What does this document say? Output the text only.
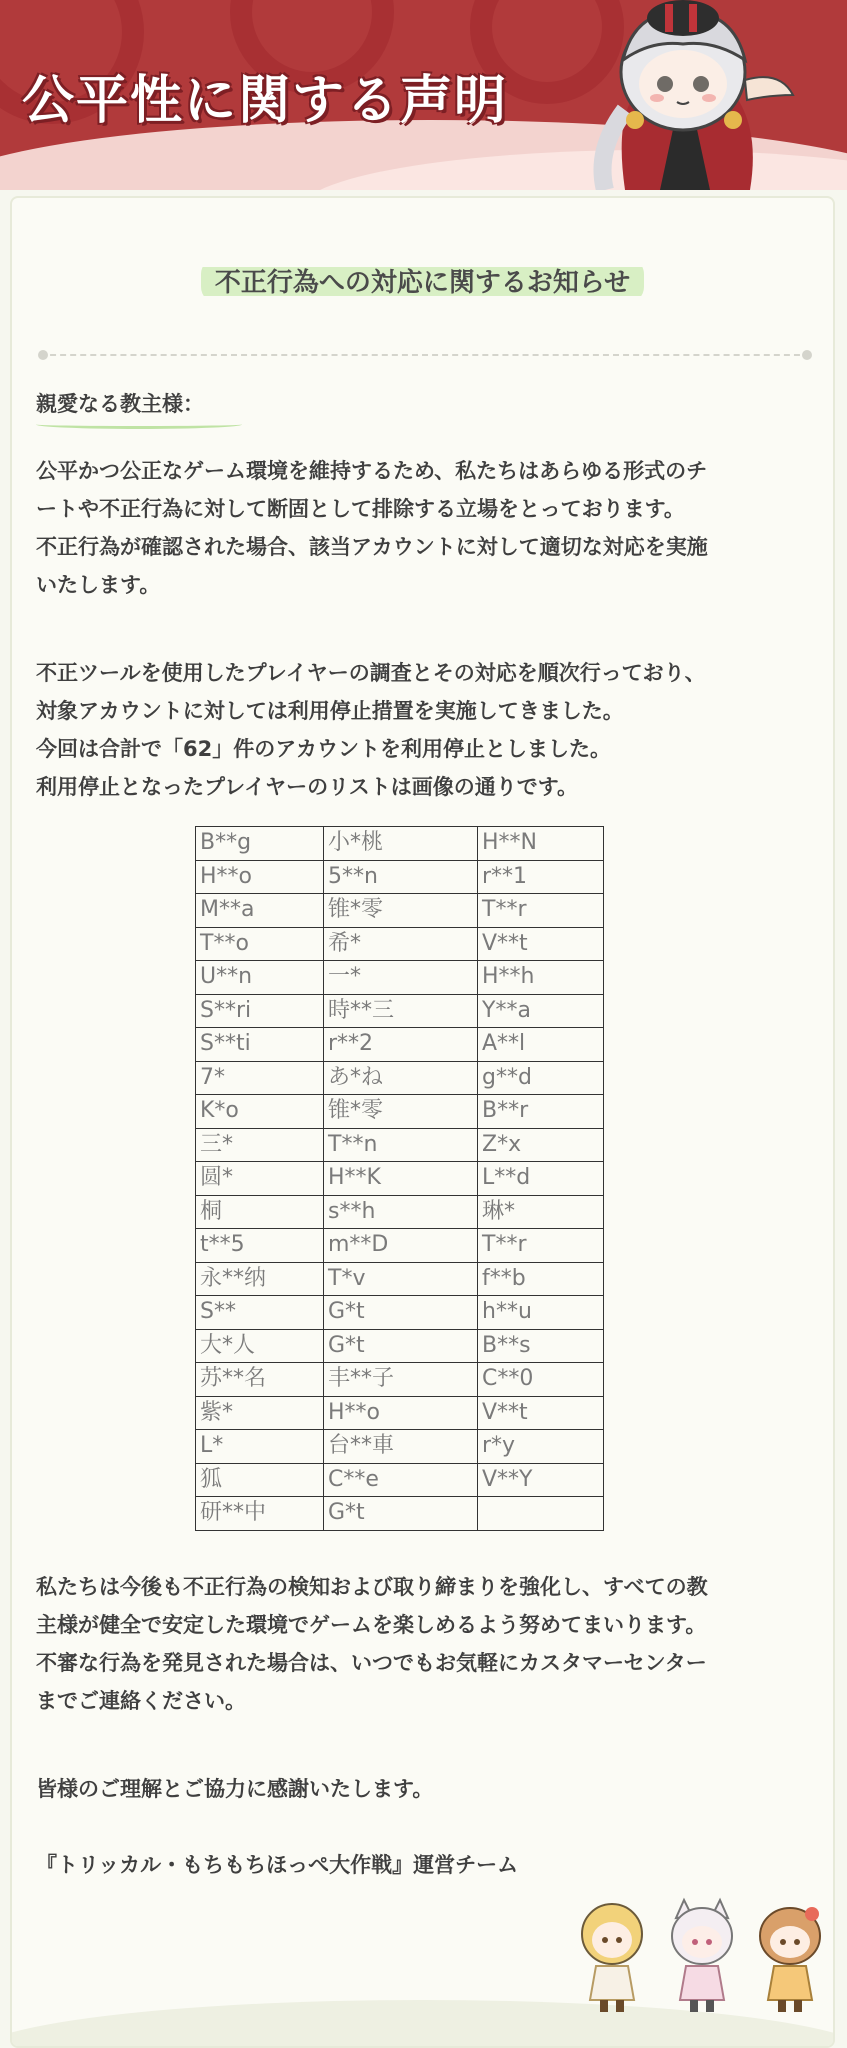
公平性に関する声明
不正行為への対応に関するお知らせ
親愛なる教主様：

公平かつ公正なゲーム環境を維持するため、私たちはあらゆる形式のチ

ートや不正行為に対して断固として排除する立場をとっております。

不正行為が確認された場合、該当アカウントに対して適切な対応を実施

いたします。

不正ツールを使用したプレイヤーの調査とその対応を順次行っており、

対象アカウントに対しては利用停止措置を実施してきました。

今回は合計で「62」件のアカウントを利用停止としました。

利用停止となったプレイヤーのリストは画像の通りです。

B**g	小*桃	H**N
H**o	5**n	r**1
M**a	锥*零	T**r
T**o	希*	V**t
U**n	一*	H**h
S**ri	時**三	Y**a
S**ti	r**2	A**l
7*	あ*ね	g**d
K*o	锥*零	B**r
三*	T**n	Z*x
圆*	H**K	L**d
桐	s**h	琳*
t**5	m**D	T**r
永**纳	T*v	f**b
S**	G*t	h**u
大*人	G*t	B**s
苏**名	丰**子	C**0
紫*	H**o	V**t
L*	台**車	r*y
狐	C**e	V**Y
研**中	G*t	

私たちは今後も不正行為の検知および取り締まりを強化し、すべての教

主様が健全で安定した環境でゲームを楽しめるよう努めてまいります。

不審な行為を発見された場合は、いつでもお気軽にカスタマーセンター

までご連絡ください。

皆様のご理解とご協力に感謝いたします。
『トリッカル・もちもちほっぺ大作戦』運営チーム
